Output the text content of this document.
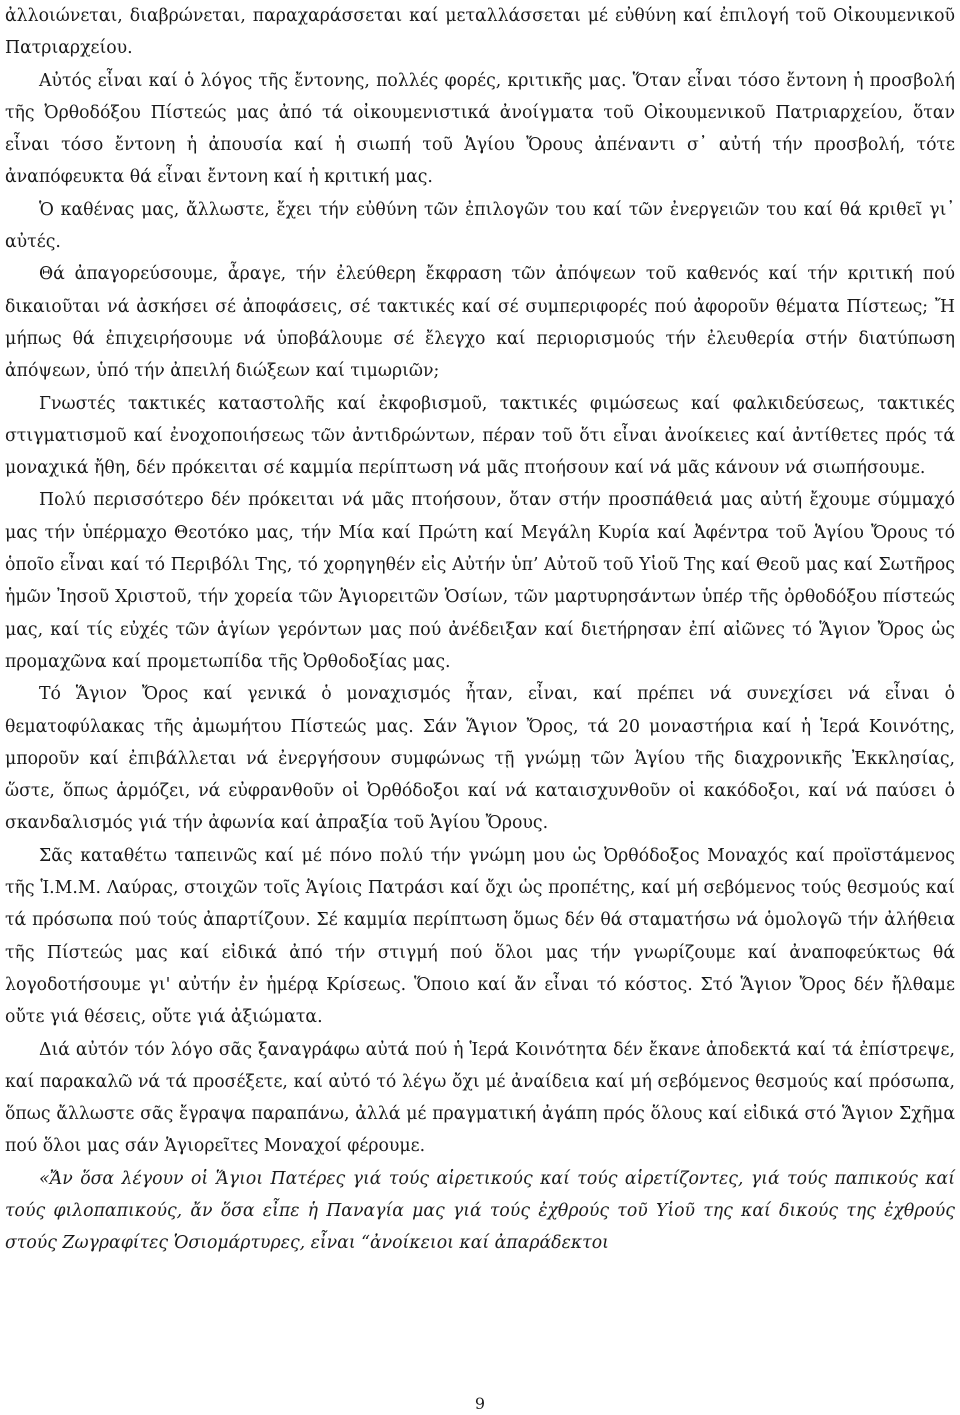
ἀλλοιώνεται, διαβρώνεται, παραχαράσσεται καί μεταλλάσσεται μέ εὐθύνη καί ἐπιλογή τοῦ Οἰκουμενικοῦ Πατριαρχείου.

Αὐτός εἶναι καί ὁ λόγος τῆς ἔντονης, πολλές φορές, κριτικῆς μας. Ὅταν εἶναι τόσο ἔντονη ἡ προσβολή τῆς Ὀρθοδόξου Πίστεώς μας ἀπό τά οἰκουμενιστικά ἀνοίγματα τοῦ Οἰκουμενικοῦ Πατριαρχείου, ὅταν εἶναι τόσο ἔντονη ἡ ἀπουσία καί ἡ σιωπή τοῦ Ἁγίου Ὄρους ἀπέναντι σ᾽ αὐτή τήν προσβολή, τότε ἀναπόφευκτα θά εἶναι ἔντονη καί ἡ κριτική μας.

Ὁ καθένας μας, ἄλλωστε, ἔχει τήν εὐθύνη τῶν ἐπιλογῶν του καί τῶν ἐνεργειῶν του καί θά κριθεῖ γι᾽ αὐτές.

Θά ἀπαγορεύσουμε, ἆραγε, τήν ἐλεύθερη ἔκφραση τῶν ἀπόψεων τοῦ καθενός καί τήν κριτική πού δικαιοῦται νά ἀσκήσει σέ ἀποφάσεις, σέ τακτικές καί σέ συμπεριφορές πού ἀφοροῦν θέματα Πίστεως; Ἤ μήπως θά ἐπιχειρήσουμε νά ὑποβάλουμε σέ ἔλεγχο καί περιορισμούς τήν ἐλευθερία στήν διατύπωση ἀπόψεων, ὑπό τήν ἀπειλή διώξεων καί τιμωριῶν;

Γνωστές τακτικές καταστολῆς καί ἐκφοβισμοῦ, τακτικές φιμώσεως καί φαλκιδεύσεως, τακτικές στιγματισμοῦ καί ἐνοχοποιήσεως τῶν ἀντιδρώντων, πέραν τοῦ ὅτι εἶναι ἀνοίκειες καί ἀντίθετες πρός τά μοναχικά ἤθη, δέν πρόκειται σέ καμμία περίπτωση νά μᾶς πτοήσουν καί νά μᾶς κάνουν νά σιωπήσουμε.

Πολύ περισσότερο δέν πρόκειται νά μᾶς πτοήσουν, ὅταν στήν προσπάθειά μας αὐτή ἔχουμε σύμμαχό μας τήν ὑπέρμαχο Θεοτόκο μας, τήν Μία καί Πρώτη καί Μεγάλη Κυρία καί Ἀφέντρα τοῦ Ἁγίου Ὄρους τό ὁποῖο εἶναι καί τό Περιβόλι Της, τό χορηγηθέν εἰς Αὐτήν ὑπ’ Αὐτοῦ τοῦ Υἱοῦ Της καί Θεοῦ μας καί Σωτῆρος ἡμῶν Ἰησοῦ Χριστοῦ, τήν χορεία τῶν Ἁγιορειτῶν Ὁσίων, τῶν μαρτυρησάντων ὑπέρ τῆς ὀρθοδόξου πίστεώς μας, καί τίς εὐχές τῶν ἁγίων γερόντων μας πού ἀνέδειξαν καί διετήρησαν ἐπί αἰῶνες τό Ἅγιον Ὄρος ὡς προμαχῶνα καί προμετωπίδα τῆς Ὀρθοδοξίας μας.

Τό Ἅγιον Ὄρος καί γενικά ὁ μοναχισμός ἦταν, εἶναι, καί πρέπει νά συνεχίσει νά εἶναι ὁ θεματοφύλακας τῆς ἀμωμήτου Πίστεώς μας. Σάν Ἅγιον Ὄρος, τά 20 μοναστήρια καί ἡ Ἱερά Κοινότης, μποροῦν καί ἐπιβάλλεται νά ἐνεργήσουν συμφώνως τῇ γνώμῃ τῶν Ἁγίου τῆς διαχρονικῆς Ἐκκλησίας, ὥστε, ὅπως ἁρμόζει, νά εὐφρανθοῦν οἱ Ὀρθόδοξοι καί νά καταισχυνθοῦν οἱ κακόδοξοι, καί νά παύσει ὁ σκανδαλισμός γιά τήν ἀφωνία καί ἀπραξία τοῦ Ἁγίου Ὄρους.

Σᾶς καταθέτω ταπεινῶς καί μέ πόνο πολύ τήν γνώμη μου ὡς Ὀρθόδοξος Μοναχός καί προϊστάμενος τῆς Ἱ.Μ.Μ. Λαύρας, στοιχῶν τοῖς Ἁγίοις Πατράσι καί ὄχι ὡς προπέτης, καί μή σεβόμενος τούς θεσμούς καί τά πρόσωπα πού τούς ἀπαρτίζουν. Σέ καμμία περίπτωση ὅμως δέν θά σταματήσω νά ὁμολογῶ τήν ἀλήθεια τῆς Πίστεώς μας καί εἰδικά ἀπό τήν στιγμή πού ὅλοι μας τήν γνωρίζουμε καί ἀναποφεύκτως θά λογοδοτήσουμε γι' αὐτήν ἐν ἡμέρᾳ Κρίσεως. Ὅποιο καί ἄν εἶναι τό κόστος. Στό Ἅγιον Ὄρος δέν ἤλθαμε οὔτε γιά θέσεις, οὔτε γιά ἀξιώματα.

Διά αὐτόν τόν λόγο σᾶς ξαναγράφω αὐτά πού ἡ Ἱερά Κοινότητα δέν ἔκανε ἀποδεκτά καί τά ἐπίστρεψε, καί παρακαλῶ νά τά προσέξετε, καί αὐτό τό λέγω ὄχι μέ ἀναίδεια καί μή σεβόμενος θεσμούς καί πρόσωπα, ὅπως ἄλλωστε σᾶς ἔγραψα παραπάνω, ἀλλά μέ πραγματική ἀγάπη πρός ὅλους καί εἰδικά στό Ἅγιον Σχῆμα πού ὅλοι μας σάν Ἁγιορεῖτες Μοναχοί φέρουμε.

«Ἄν ὅσα λέγουν οἱ Ἅγιοι Πατέρες γιά τούς αἱρετικούς καί τούς αἱρετίζοντες, γιά τούς παπικούς καί τούς φιλοπαπικούς, ἄν ὅσα εἶπε ἡ Παναγία μας γιά τούς ἐχθρούς τοῦ Υἱοῦ της καί δικούς της ἐχθρούς στούς Ζωγραφίτες Ὁσιομάρτυρες, εἶναι “ἀνοίκειοι καί ἀπαράδεκτοι

9
